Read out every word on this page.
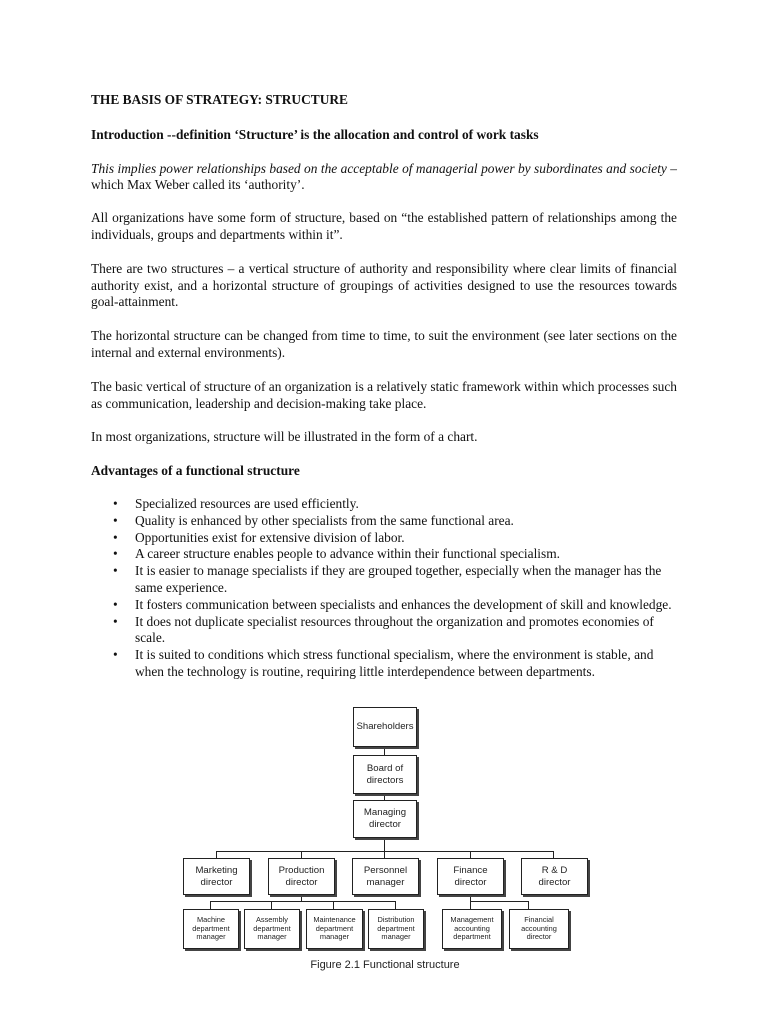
THE BASIS OF STRATEGY: STRUCTURE
Introduction --definition ‘Structure’ is the allocation and control of work tasks

This implies power relationships based on the acceptable of managerial power by subordinates and society – which Max Weber called its ‘authority’.

All organizations have some form of structure, based on “the established pattern of relationships among the individuals, groups and departments within it”.

There are two structures – a vertical structure of authority and responsibility where clear limits of financial authority exist, and a horizontal structure of groupings of activities designed to use the resources towards goal-attainment.

The horizontal structure can be changed from time to time, to suit the environment (see later sections on the internal and external environments).

The basic vertical of structure of an organization is a relatively static framework within which processes such as communication, leadership and decision-making take place.

In most organizations, structure will be illustrated in the form of a chart.

Advantages of a functional structure
• Specialized resources are used efficiently.
• Quality is enhanced by other specialists from the same functional area.
• Opportunities exist for extensive division of labor.
• A career structure enables people to advance within their functional specialism.
• It is easier to manage specialists if they are grouped together, especially when the manager has the same experience.
• It fosters communication between specialists and enhances the development of skill and knowledge.
• It does not duplicate specialist resources throughout the organization and promotes economies of scale.
• It is suited to conditions which stress functional specialism, where the environment is stable, and when the technology is routine, requiring little interdependence between departments.
Shareholders
Board of
directors
Managing
director
Marketing
director
Production
director
Personnel
manager
Finance
director
R & D
director
Machine
department
manager
Assembly
department
manager
Maintenance
department
manager
Distribution
department
manager
Management
accounting
department
Financial
accounting
director
Figure 2.1 Functional structure
